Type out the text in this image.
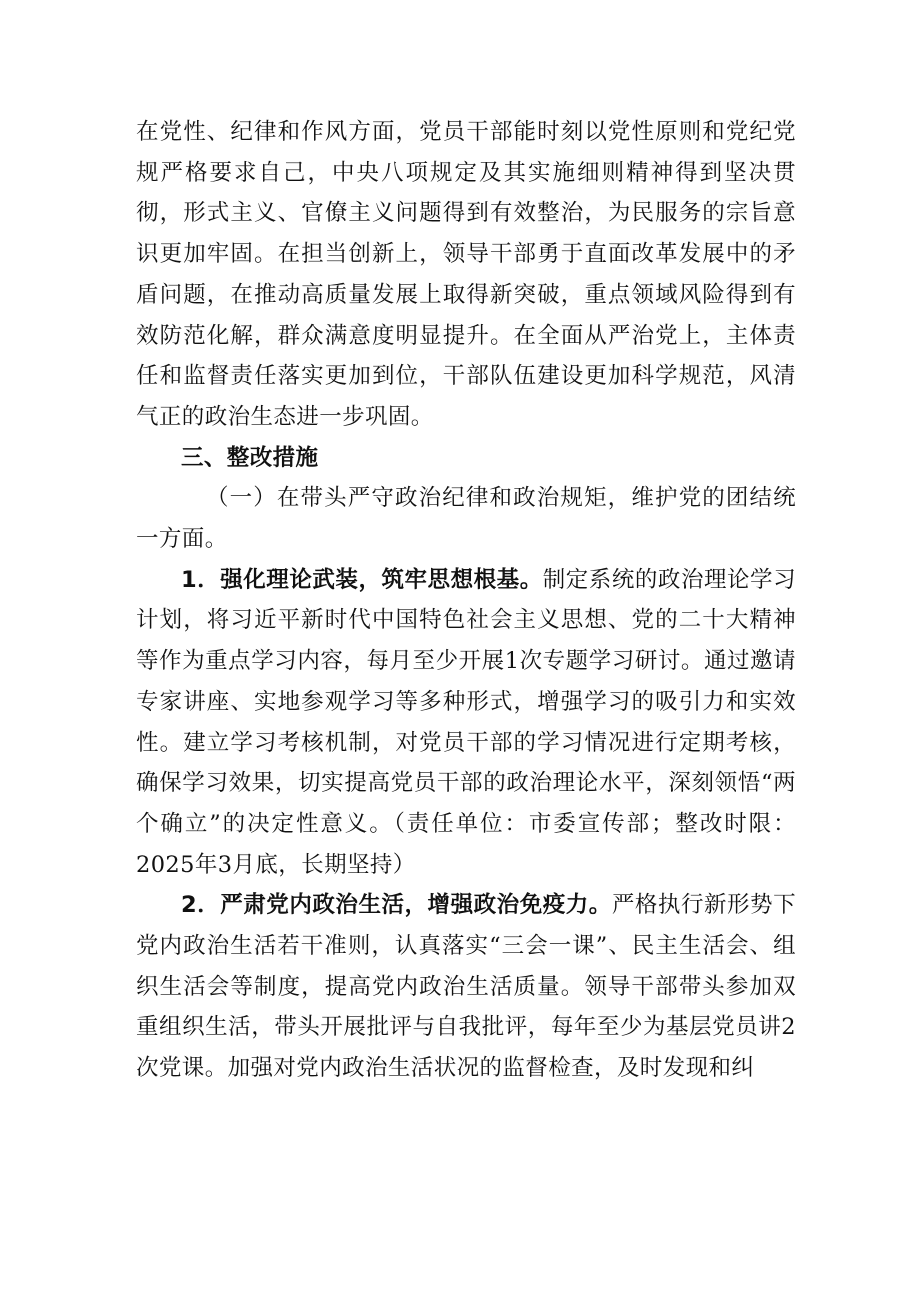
在党性、纪律和作风方面，党员干部能时刻以党性原则和党纪党规严格要求自己，中央八项规定及其实施细则精神得到坚决贯彻，形式主义、官僚主义问题得到有效整治，为民服务的宗旨意识更加牢固。在担当创新上，领导干部勇于直面改革发展中的矛盾问题，在推动高质量发展上取得新突破，重点领域风险得到有效防范化解，群众满意度明显提升。在全面从严治党上，主体责任和监督责任落实更加到位，干部队伍建设更加科学规范，风清气正的政治生态进一步巩固。

三、整改措施

（一）在带头严守政治纪律和政治规矩，维护党的团结统一方面。

1．强化理论武装，筑牢思想根基。制定系统的政治理论学习计划，将习近平新时代中国特色社会主义思想、党的二十大精神等作为重点学习内容，每月至少开展1次专题学习研讨。通过邀请专家讲座、实地参观学习等多种形式，增强学习的吸引力和实效性。建立学习考核机制，对党员干部的学习情况进行定期考核，确保学习效果，切实提高党员干部的政治理论水平，深刻领悟“两个确立”的决定性意义。（责任单位：市委宣传部；整改时限：2025年3月底，长期坚持）

2．严肃党内政治生活，增强政治免疫力。严格执行新形势下党内政治生活若干准则，认真落实“三会一课”、民主生活会、组织生活会等制度，提高党内政治生活质量。领导干部带头参加双重组织生活，带头开展批评与自我批评，每年至少为基层党员讲2次党课。加强对党内政治生活状况的监督检查，及时发现和纠
